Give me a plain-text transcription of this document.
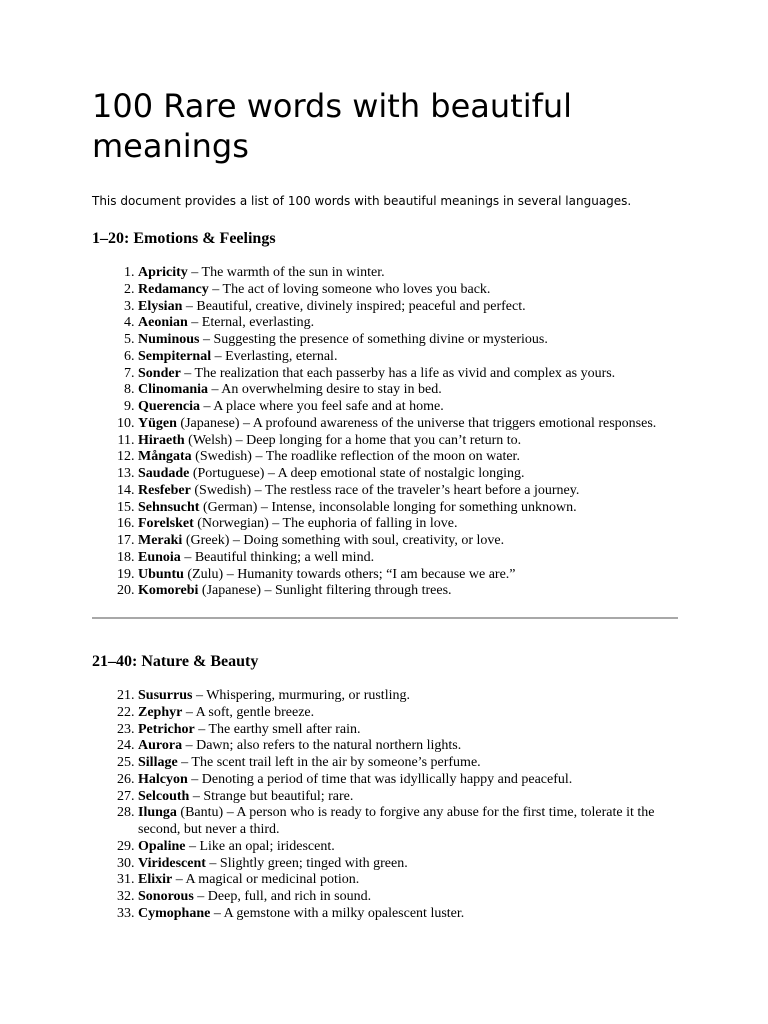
100 Rare words with beautiful meanings

This document provides a list of 100 words with beautiful meanings in several languages.

1–20: Emotions & Feelings
1. Apricity – The warmth of the sun in winter.
2. Redamancy – The act of loving someone who loves you back.
3. Elysian – Beautiful, creative, divinely inspired; peaceful and perfect.
4. Aeonian – Eternal, everlasting.
5. Numinous – Suggesting the presence of something divine or mysterious.
6. Sempiternal – Everlasting, eternal.
7. Sonder – The realization that each passerby has a life as vivid and complex as yours.
8. Clinomania – An overwhelming desire to stay in bed.
9. Querencia – A place where you feel safe and at home.
10. Yügen (Japanese) – A profound awareness of the universe that triggers emotional responses.
11. Hiraeth (Welsh) – Deep longing for a home that you can’t return to.
12. Mångata (Swedish) – The roadlike reflection of the moon on water.
13. Saudade (Portuguese) – A deep emotional state of nostalgic longing.
14. Resfeber (Swedish) – The restless race of the traveler’s heart before a journey.
15. Sehnsucht (German) – Intense, inconsolable longing for something unknown.
16. Forelsket (Norwegian) – The euphoria of falling in love.
17. Meraki (Greek) – Doing something with soul, creativity, or love.
18. Eunoia – Beautiful thinking; a well mind.
19. Ubuntu (Zulu) – Humanity towards others; “I am because we are.”
20. Komorebi (Japanese) – Sunlight filtering through trees.
21–40: Nature & Beauty
21. Susurrus – Whispering, murmuring, or rustling.
22. Zephyr – A soft, gentle breeze.
23. Petrichor – The earthy smell after rain.
24. Aurora – Dawn; also refers to the natural northern lights.
25. Sillage – The scent trail left in the air by someone’s perfume.
26. Halcyon – Denoting a period of time that was idyllically happy and peaceful.
27. Selcouth – Strange but beautiful; rare.
28. Ilunga (Bantu) – A person who is ready to forgive any abuse for the first time, tolerate it the second, but never a third.
29. Opaline – Like an opal; iridescent.
30. Viridescent – Slightly green; tinged with green.
31. Elixir – A magical or medicinal potion.
32. Sonorous – Deep, full, and rich in sound.
33. Cymophane – A gemstone with a milky opalescent luster.
